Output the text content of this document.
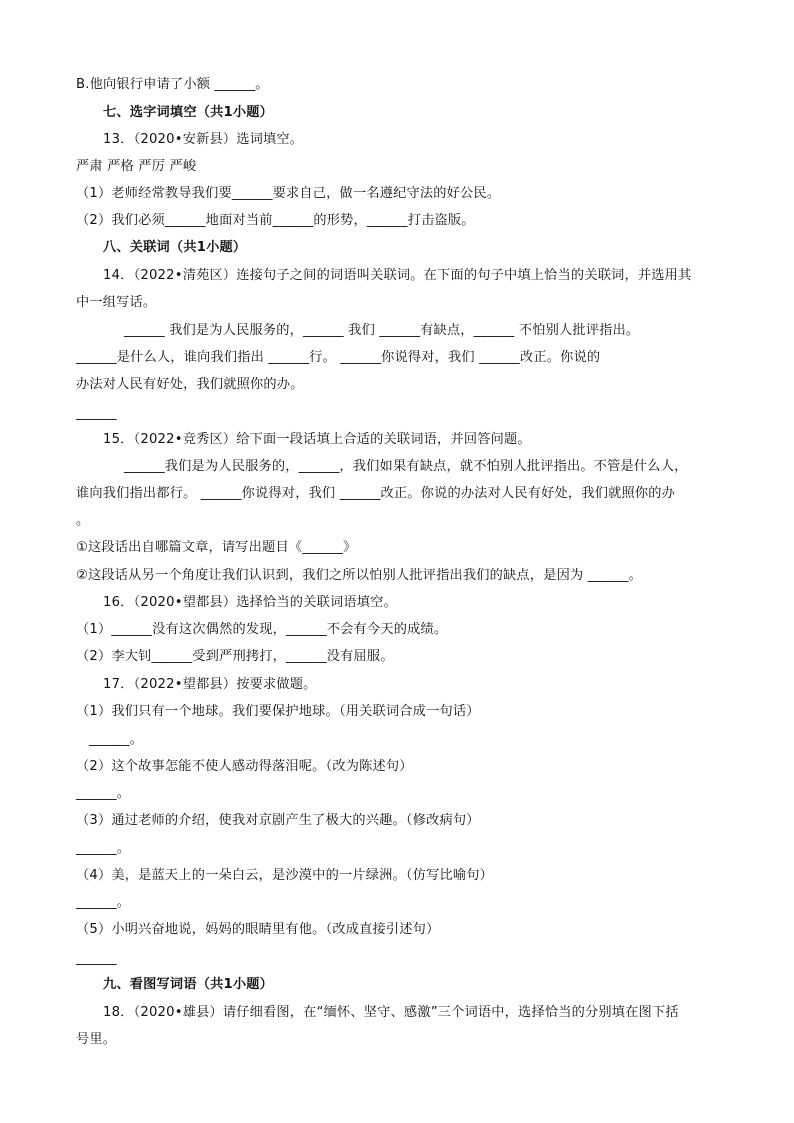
B.他向银行申请了小额 ______。
七、选字词填空（共1小题）
13．（2020•安新县）选词填空。
严肃 严格 严厉 严峻
（1）老师经常教导我们要______要求自己，做一名遵纪守法的好公民。
（2）我们必须______地面对当前______的形势，______打击盗版。
八、关联词（共1小题）
14．（2022•清苑区）连接句子之间的词语叫关联词。在下面的句子中填上恰当的关联词，并选用其
中一组写话。
______ 我们是为人民服务的，______ 我们 ______有缺点，______ 不怕别人批评指出。
______是什么人，谁向我们指出 ______行。 ______你说得对，我们 ______改正。你说的
办法对人民有好处，我们就照你的办。
______
15．（2022•竞秀区）给下面一段话填上合适的关联词语，并回答问题。
______我们是为人民服务的，______，我们如果有缺点，就不怕别人批评指出。不管是什么人，
谁向我们指出都行。 ______你说得对，我们 ______改正。你说的办法对人民有好处，我们就照你的办
。
①这段话出自哪篇文章，请写出题目《______》
②这段话从另一个角度让我们认识到，我们之所以怕别人批评指出我们的缺点，是因为 ______。
16．（2020•望都县）选择恰当的关联词语填空。
（1）______没有这次偶然的发现，______不会有今天的成绩。
（2）李大钊______受到严刑拷打，______没有屈服。
17．（2022•望都县）按要求做题。
（1）我们只有一个地球。我们要保护地球。（用关联词合成一句话）
______。
（2）这个故事怎能不使人感动得落泪呢。（改为陈述句）
______。
（3）通过老师的介绍，使我对京剧产生了极大的兴趣。（修改病句）
______。
（4）美，是蓝天上的一朵白云，是沙漠中的一片绿洲。（仿写比喻句）
______。
（5）小明兴奋地说，妈妈的眼睛里有他。（改成直接引述句）
______
九、看图写词语（共1小题）
18．（2020•雄县）请仔细看图，在“缅怀、坚守、感激”三个词语中，选择恰当的分别填在图下括
号里。
